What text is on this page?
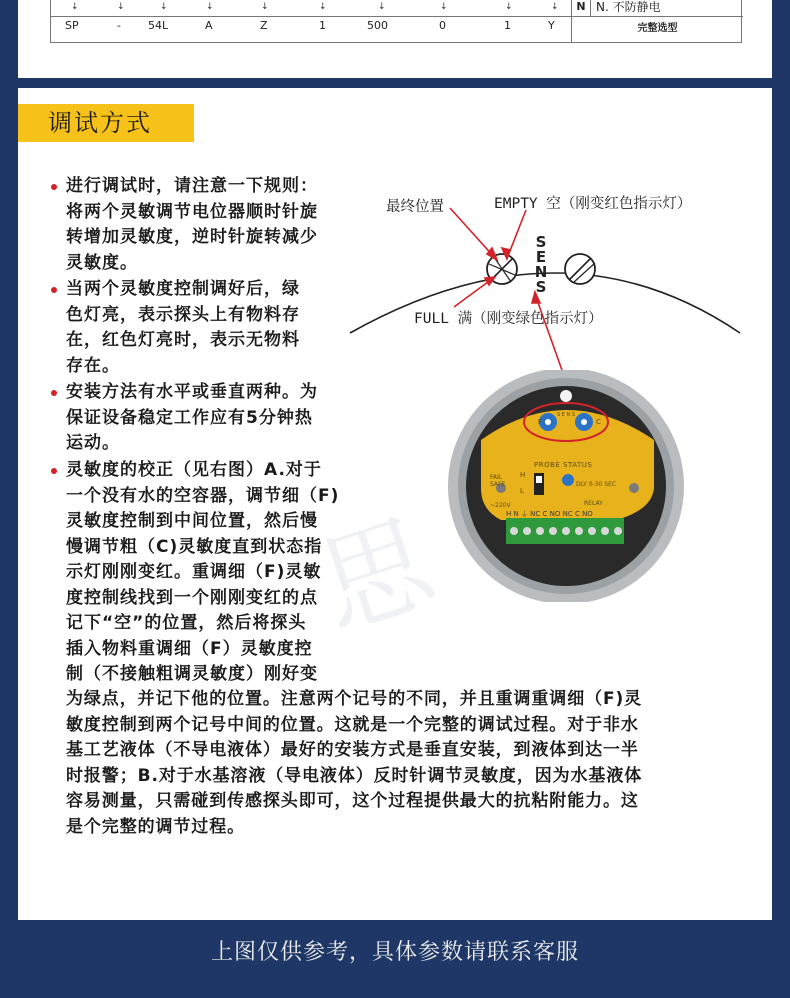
↓	↓	↓	↓	↓	↓	↓	↓	↓	↓
SP	- 54L	A	Z	1	500	0	1	Y
N N. 不防静电
完整选型
调试方式
进行调试时，请注意一下规则：
将两个灵敏调节电位器顺时针旋
转增加灵敏度，逆时针旋转减少
灵敏度。
当两个灵敏度控制调好后，绿
色灯亮，表示探头上有物料存
在，红色灯亮时，表示无物料
存在。
安装方法有水平或垂直两种。为
保证设备稳定工作应有5分钟热
运动。
灵敏度的校正（见右图）A.对于
一个没有水的空容器，调节细（F)
灵敏度控制到中间位置，然后慢
慢调节粗（C)灵敏度直到状态指
示灯刚刚变红。重调细（F)灵敏
度控制线找到一个刚刚变红的点
记下“空”的位置，然后将探头
插入物料重调细（F）灵敏度控
制（不接触粗调灵敏度）刚好变
为绿点，并记下他的位置。注意两个记号的不同，并且重调重调细（F)灵
敏度控制到两个记号中间的位置。这就是一个完整的调试过程。对于非水
基工艺液体（不导电液体）最好的安装方式是垂直安装，到液体到达一半
时报警；B.对于水基溶液（导电液体）反时针调节灵敏度，因为水基液体
容易测量，只需碰到传感探头即可，这个过程提供最大的抗粘附能力。这
是个完整的调节过程。
最终位置	EMPTY 空（刚变红色指示灯）
FULL 满（刚变绿色指示灯）
S
E
N
S
PROBE STATUS
FAIL SAFE
H
L
DLY 0-30 SEC
RELAY
~220V
H N ⏚ NC C NO NC C NO
S E N S
F	C
思
上图仅供参考，具体参数请联系客服
